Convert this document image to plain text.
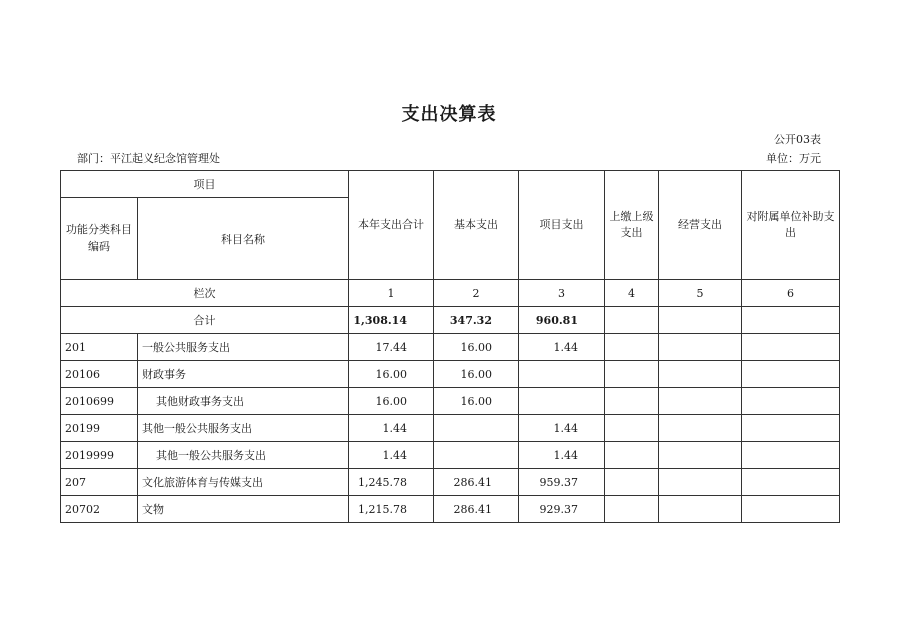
支出决算表
公开03表
部门：平江起义纪念馆管理处	单位：万元
项目		本年支出合计	基本支出	项目支出	上缴上级支出	经营支出	对附属单位补助支出
功能分类科目编码	科目名称						
栏次		1	2	3	4	5	6
合计		1,308.14	347.32	960.81			
201	一般公共服务支出	17.44	16.00	1.44			
20106	财政事务	16.00	16.00				
2010699	其他财政事务支出	16.00	16.00				
20199	其他一般公共服务支出	1.44		1.44			
2019999	其他一般公共服务支出	1.44		1.44			
207	文化旅游体育与传媒支出	1,245.78	286.41	959.37			
20702	文物	1,215.78	286.41	929.37			
